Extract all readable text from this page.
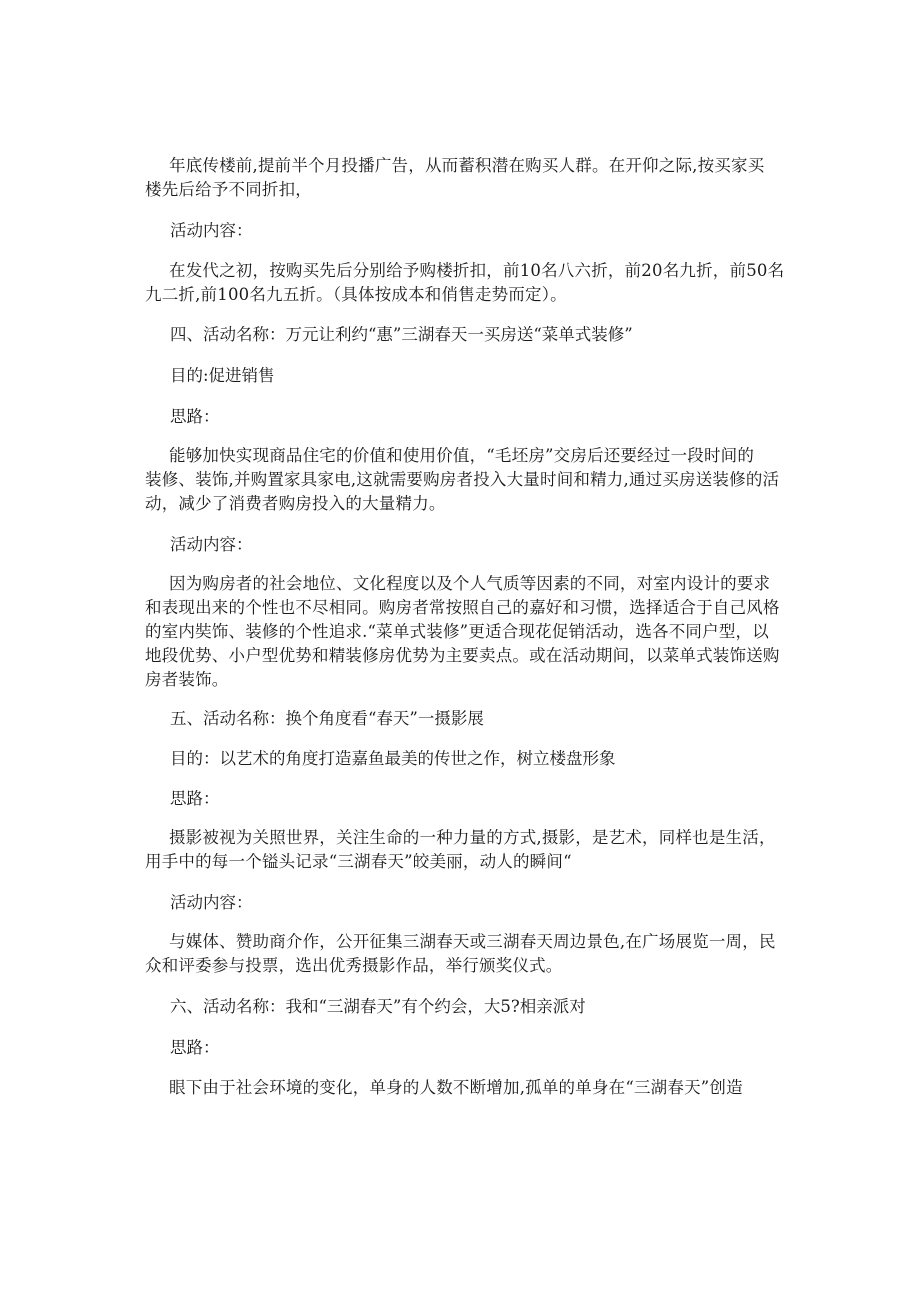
年底传楼前,提前半个月投播广告，从而蓄积潜在购买人群。在开仰之际,按买家买
楼先后给予不同折扣，
活动内容：
在发代之初，按购买先后分别给予购楼折扣，前10名八六折，前20名九折，前50名
九二折,前100名九五折。（具体按成本和俏售走势而定）。
四、活动名称：万元让利约“惠”三湖春天一买房送“菜单式装修”
目的:促进销售
思路：
能够加快实现商品住宅的价值和使用价值，“毛坯房”交房后还要经过一段时间的
装修、装饰,并购置家具家电,这就需要购房者投入大量时间和精力,通过买房送装修的活
动，减少了消费者购房投入的大量精力。
活动内容：
因为购房者的社会地位、文化程度以及个人气质等因素的不同，对室内设计的要求
和表现出来的个性也不尽相同。购房者常按照自己的嘉好和习惯，选择适合于自己风格
的室内奘饰、装修的个性追求.“菜单式装修”更适合现花促销活动，选各不同户型，以
地段优势、小户型优势和精装修房优势为主要卖点。或在活动期间，以菜单式装饰送购
房者装饰。
五、活动名称：换个角度看“春天”一摄影展
目的：以艺术的角度打造嘉鱼最美的传世之作，树立楼盘形象
思路：
摄影被视为关照世界，关注生命的一种力量的方式,摄影，是艺术，同样也是生活，
用手中的每一个镒头记录“三湖春天”皎美丽，动人的瞬间“
活动内容：
与媒体、赞助商介作，公开征集三湖春天或三湖春天周边景色,在广场展览一周，民
众和评委参与投票，选出优秀摄影作品，举行颁奖仪式。
六、活动名称：我和“三湖春天”有个约会，大5?相亲派对
思路：
眼下由于社会环境的变化，单身的人数不断增加,孤单的单身在“三湖春天”创造
